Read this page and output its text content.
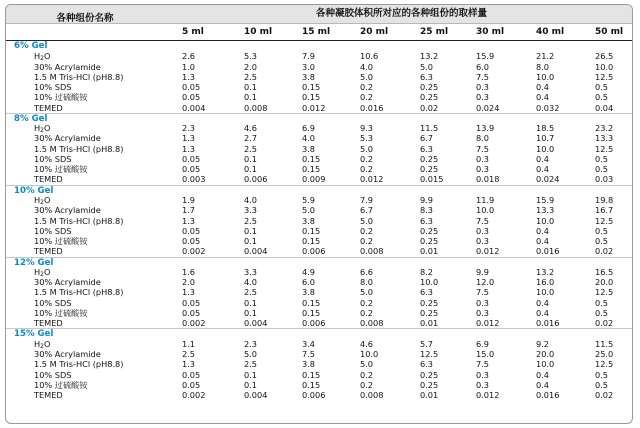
各种组份名称	各种凝胶体积所对应的各种组份的取样量
5 ml	10 ml	15 ml	20 ml	25 ml	30 ml	40 ml	50 ml
6% Gel
$H_2O$	2.6	5.3	7.9	10.6	13.2	15.9	21.2	26.5
30% Acrylamide	1.0	2.0	3.0	4.0	5.0	6.0	8.0	10.0
1.5 M Tris-HCl (pH8.8)	1.3	2.5	3.8	5.0	6.3	7.5	10.0	12.5
10% SDS	0.05	0.1	0.15	0.2	0.25	0.3	0.4	0.5
10% 过硫酸铵	0.05	0.1	0.15	0.2	0.25	0.3	0.4	0.5
TEMED	0.004	0.008	0.012	0.016	0.02	0.024	0.032	0.04
8% Gel
$H_2O$	2.3	4.6	6.9	9.3	11.5	13.9	18.5	23.2
30% Acrylamide	1.3	2.7	4.0	5.3	6.7	8.0	10.7	13.3
1.5 M Tris-HCl (pH8.8)	1.3	2.5	3.8	5.0	6.3	7.5	10.0	12.5
10% SDS	0.05	0.1	0.15	0.2	0.25	0.3	0.4	0.5
10% 过硫酸铵	0.05	0.1	0.15	0.2	0.25	0.3	0.4	0.5
TEMED	0.003	0.006	0.009	0.012	0.015	0.018	0.024	0.03
10% Gel
$H_2O$	1.9	4.0	5.9	7.9	9.9	11.9	15.9	19.8
30% Acrylamide	1.7	3.3	5.0	6.7	8.3	10.0	13.3	16.7
1.5 M Tris-HCl (pH8.8)	1.3	2.5	3.8	5.0	6.3	7.5	10.0	12.5
10% SDS	0.05	0.1	0.15	0.2	0.25	0.3	0.4	0.5
10% 过硫酸铵	0.05	0.1	0.15	0.2	0.25	0.3	0.4	0.5
TEMED	0.002	0.004	0.006	0.008	0.01	0.012	0.016	0.02
12% Gel
$H_2O$	1.6	3.3	4.9	6.6	8.2	9.9	13.2	16.5
30% Acrylamide	2.0	4.0	6.0	8.0	10.0	12.0	16.0	20.0
1.5 M Tris-HCl (pH8.8)	1.3	2.5	3.8	5.0	6.3	7.5	10.0	12.5
10% SDS	0.05	0.1	0.15	0.2	0.25	0.3	0.4	0.5
10% 过硫酸铵	0.05	0.1	0.15	0.2	0.25	0.3	0.4	0.5
TEMED	0.002	0.004	0.006	0.008	0.01	0.012	0.016	0.02
15% Gel
$H_2O$	1.1	2.3	3.4	4.6	5.7	6.9	9.2	11.5
30% Acrylamide	2.5	5.0	7.5	10.0	12.5	15.0	20.0	25.0
1.5 M Tris-HCl (pH8.8)	1.3	2.5	3.8	5.0	6.3	7.5	10.0	12.5
10% SDS	0.05	0.1	0.15	0.2	0.25	0.3	0.4	0.5
10% 过硫酸铵	0.05	0.1	0.15	0.2	0.25	0.3	0.4	0.5
TEMED	0.002	0.004	0.006	0.008	0.01	0.012	0.016	0.02
